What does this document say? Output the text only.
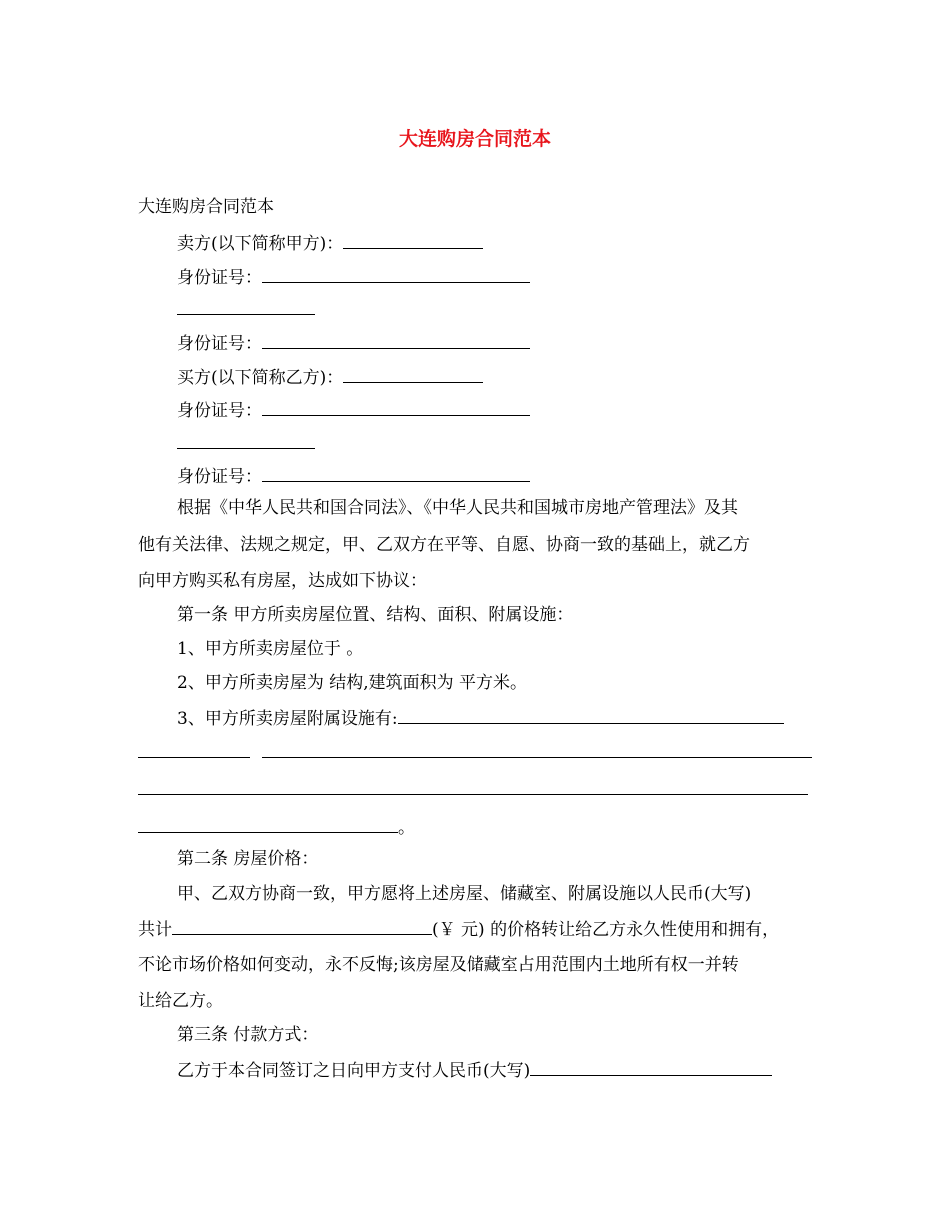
大连购房合同范本
大连购房合同范本
卖方(以下简称甲方)：
身份证号：
身份证号：
买方(以下简称乙方)：
身份证号：
身份证号：
根据《中华人民共和国合同法》、《中华人民共和国城市房地产管理法》及其
他有关法律、法规之规定，甲、乙双方在平等、自愿、协商一致的基础上，就乙方
向甲方购买私有房屋，达成如下协议：
第一条 甲方所卖房屋位置、结构、面积、附属设施：
1、甲方所卖房屋位于 。
2、甲方所卖房屋为 结构,建筑面积为 平方米。
3、甲方所卖房屋附属设施有:
。
第二条 房屋价格：
甲、乙双方协商一致，甲方愿将上述房屋、储藏室、附属设施以人民币(大写)
共计	(￥ 元) 的价格转让给乙方永久性使用和拥有，
不论市场价格如何变动，永不反悔;该房屋及储藏室占用范围内土地所有权一并转
让给乙方。
第三条 付款方式：
乙方于本合同签订之日向甲方支付人民币(大写)
